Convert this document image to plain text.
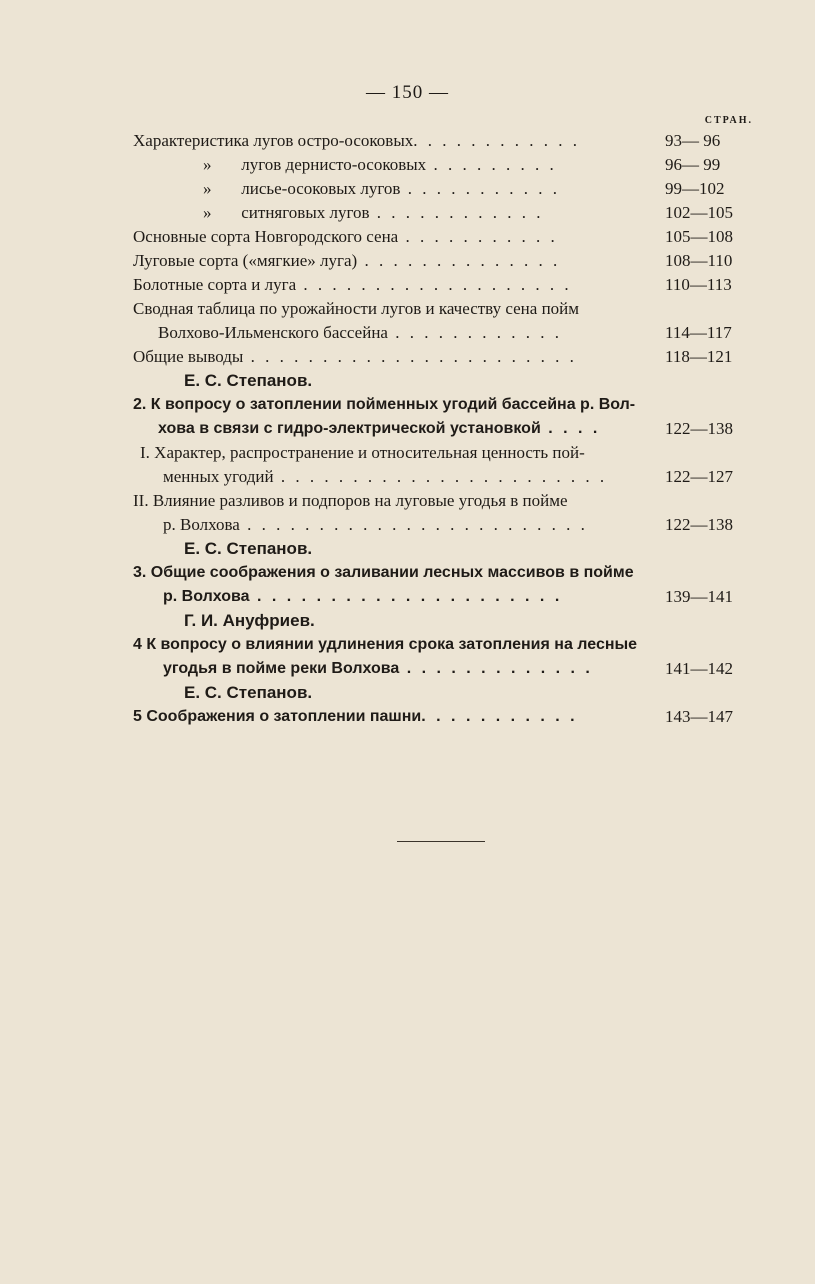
— 150 —
СТРАН.
Характеристика лугов остро-осоковых. . . . . . . . . . . .	93— 96
»       лугов дернисто-осоковых . . . . . . . . .	96— 99
»       лисье-осоковых лугов . . . . . . . . . . .	99—102
»       ситняговых лугов . . . . . . . . . . . .	102—105
Основные сорта Новгородского сена . . . . . . . . . . .	105—108
Луговые сорта («мягкие» луга) . . . . . . . . . . . . . .	108—110
Болотные сорта и луга . . . . . . . . . . . . . . . . . . .	110—113
Сводная таблица по урожайности лугов и качеству сена пойм
Волхово-Ильменского бассейна . . . . . . . . . . . .	114—117
Общие выводы . . . . . . . . . . . . . . . . . . . . . . .	118—121
Е. С. Степанов.
2. К вопросу о затоплении пойменных угодий бассейна р. Вол-
хова в связи с гидро-электрической установкой . . . .	122—138
I. Характер, распространение и относительная ценность пой-
менных угодий . . . . . . . . . . . . . . . . . . . . . . .	122—127
II. Влияние разливов и подпоров на луговые угодья в пойме
р. Волхова . . . . . . . . . . . . . . . . . . . . . . . .	122—138
Е. С. Степанов.
3. Общие соображения о заливании лесных массивов в пойме
р. Волхова . . . . . . . . . . . . . . . . . . . . .	139—141
Г. И. Ануфриев.
4 К вопросу о влиянии удлинения срока затопления на лесные
угодья в пойме реки Волхова . . . . . . . . . . . . .	141—142
Е. С. Степанов.
5 Соображения о затоплении пашни. . . . . . . . . . .	143—147
